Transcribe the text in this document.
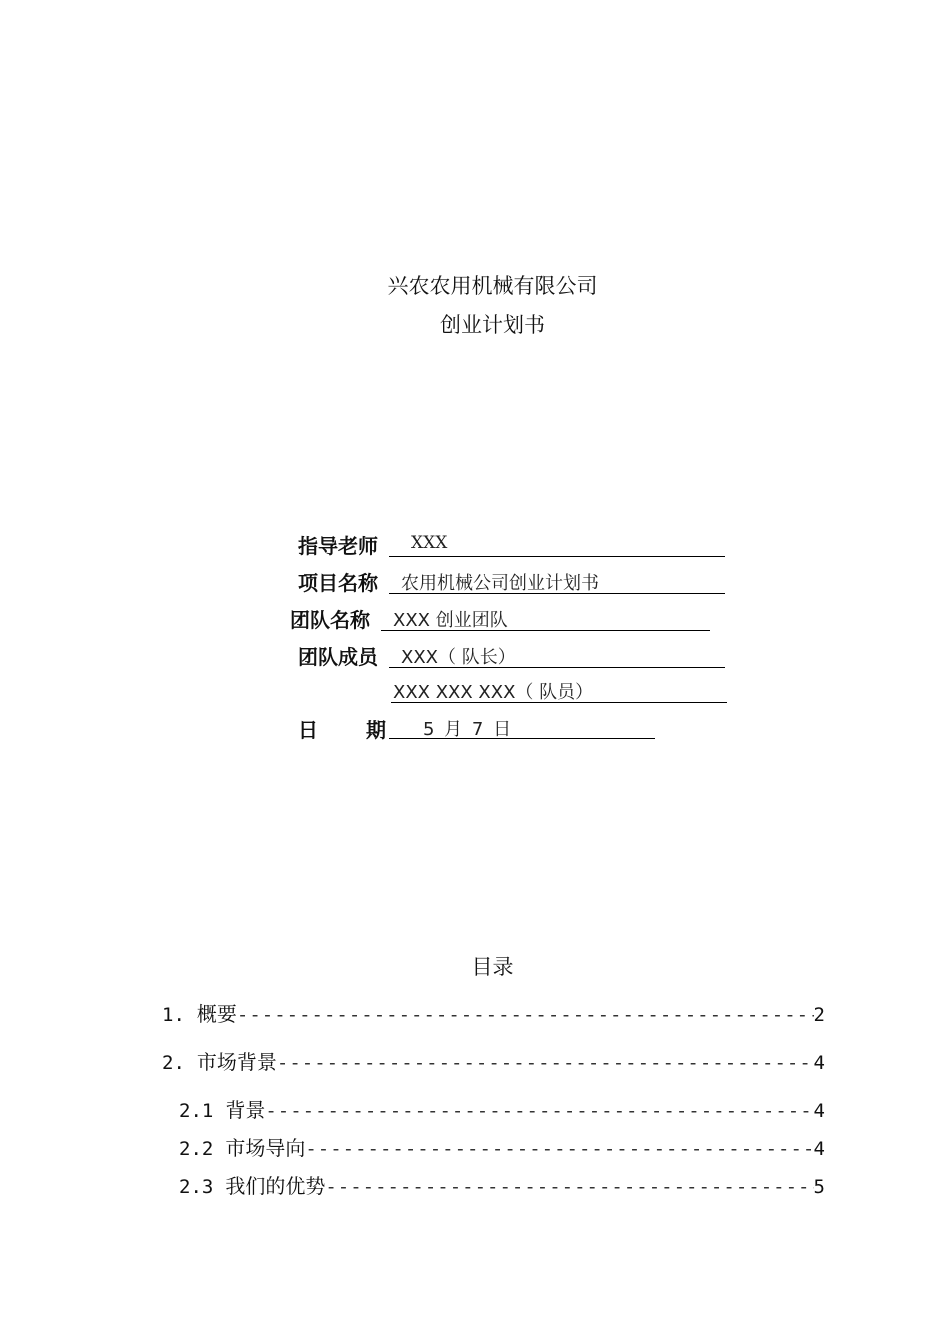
兴农农用机械有限公司
创业计划书
指导老师 XXX
项目名称 农用机械公司创业计划书
团队名称 XXX 创业团队
团队成员 XXX（ 队长）
XXX XXX XXX（ 队员）
日 期 5 月 7 日
目录
1. 概要 -----	2
2. 市场背景 -----	4
2.1 背景 -----	4
2.2 市场导向 -----	4
2.3 我们的优势 -----	5
